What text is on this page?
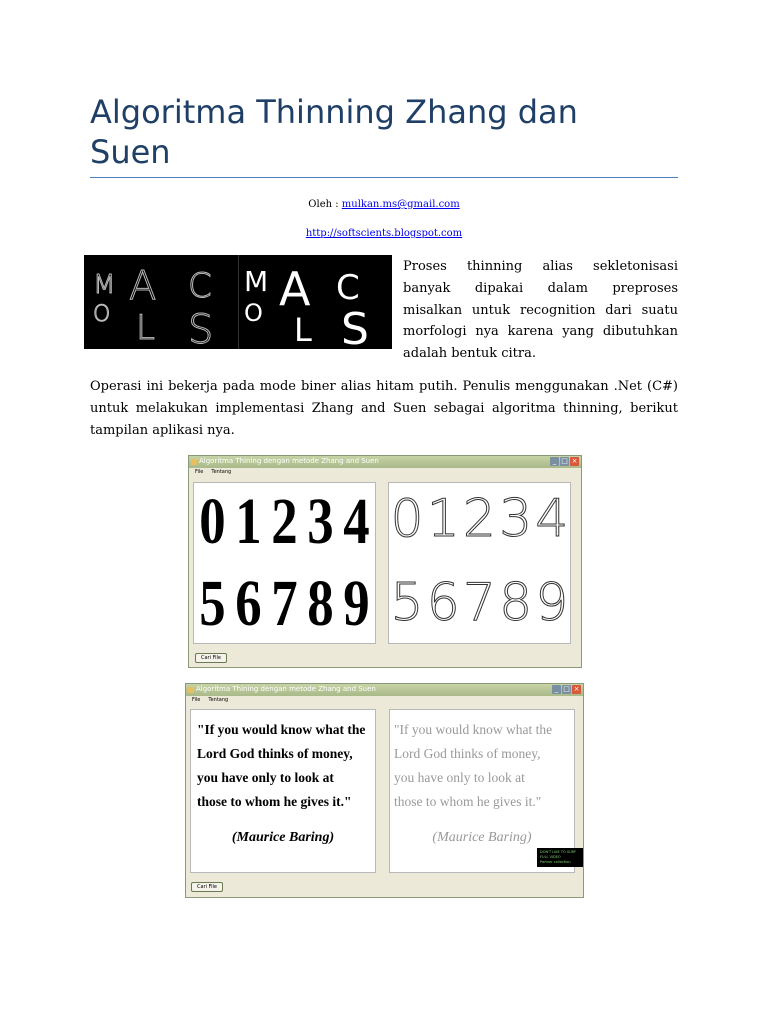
Algoritma Thinning Zhang dan Suen
Oleh : mulkan.ms@gmail.com
http://softscients.blogspot.com
M A C
O L S
M A C
O L S

Proses thinning alias sekletonisasi banyak dipakai dalam preproses misalkan untuk recognition dari suatu morfologi nya karena yang dibutuhkan adalah bentuk citra.

Operasi ini bekerja pada mode biner alias hitam putih. Penulis menggunakan .Net (C#) untuk melakukan implementasi Zhang and Suen sebagai algoritma thinning, berikut tampilan aplikasi nya.

Algoritma Thining dengan metode Zhang and Suen	_ □ ×
File Tentang
0 1 2 3 4
5 6 7 8 9
0 1 2 3 4
5 6 7 8 9
Cari File
Algoritma Thining dengan metode Zhang and Suen	_ □ ×
File Tentang
"If you would know what the
Lord God thinks of money,
you have only to look at
those to whom he gives it."
(Maurice Baring)
"If you would know what the
Lord God thinks of money,
you have only to look at
those to whom he gives it."
(Maurice Baring)
DON'T LIKE TO SURF
FULL VIDEO
Partner collection
Cari File
